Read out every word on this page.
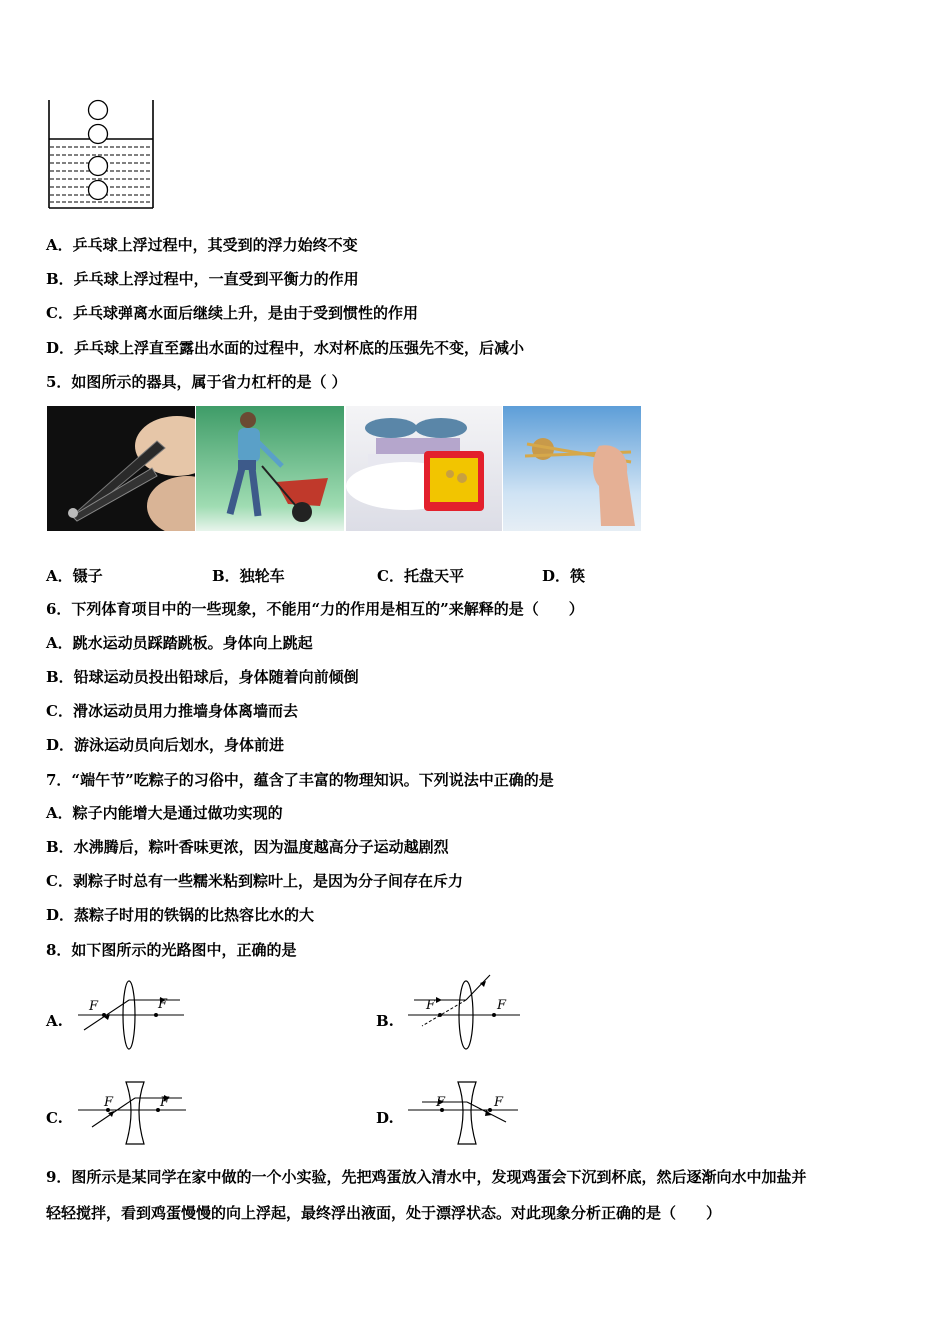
A．乒乓球上浮过程中，其受到的浮力始终不变
B．乒乓球上浮过程中，一直受到平衡力的作用
C．乒乓球弹离水面后继续上升，是由于受到惯性的作用
D．乒乓球上浮直至露出水面的过程中，水对杯底的压强先不变，后减小
5．如图所示的器具，属于省力杠杆的是（ ）
A．镊子	B．独轮车	C．托盘天平	D．筷
6．下列体育项目中的一些现象，不能用“力的作用是相互的”来解释的是（　　）
A．跳水运动员踩踏跳板。身体向上跳起
B．铅球运动员投出铅球后，身体随着向前倾倒
C．滑冰运动员用力推墙身体离墙而去
D．游泳运动员向后划水，身体前进
7．“端午节”吃粽子的习俗中，蕴含了丰富的物理知识。下列说法中正确的是
A．粽子内能增大是通过做功实现的
B．水沸腾后，粽叶香味更浓，因为温度越高分子运动越剧烈
C．剥粽子时总有一些糯米粘到粽叶上，是因为分子间存在斥力
D．蒸粽子时用的铁锅的比热容比水的大
8．如下图所示的光路图中，正确的是
A.
F	F
B.
F	F
C.
F	F
D.
F	F
9．图所示是某同学在家中做的一个小实验，先把鸡蛋放入清水中，发现鸡蛋会下沉到杯底，然后逐渐向水中加盐并
轻轻搅拌，看到鸡蛋慢慢的向上浮起，最终浮出液面，处于漂浮状态。对此现象分析正确的是（　　）
